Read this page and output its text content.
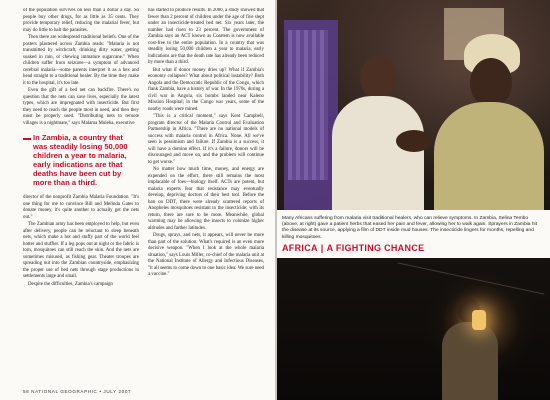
of the population survives on less than a dollar a day. So people buy other drugs, for as little as 35 cents. They provide temporary relief, reducing the malarial fever, but may do little to halt the parasites.

Then there are widespread traditional beliefs. One of the posters plastered across Zambia reads: "Malaria is not transmitted by witchcraft, drinking dirty water, getting soaked in rain, or chewing immature sugarcane." When children suffer from seizures—a symptom of advanced cerebral malaria—some parents interpret it as a hex and head straight to a traditional healer. By the time they make it to the hospital, it's too late.

Even the gift of a bed net can backfire. There's no question that the nets can save lives, especially the latest types, which are impregnated with insecticide. But first they need to reach the people most in need, and then they must be properly used. "Distributing nets to remote villages is a nightmare," says Malama Muleba, executive

In Zambia, a country that was steadily losing 50,000 children a year to malaria, early indications are that deaths have been cut by more than a third.

director of the nonprofit Zambia Malaria Foundation. "It's one thing for me to convince Bill and Melinda Gates to donate money, it's quite another to actually get the nets out."

The Zambian army has been employed to help, but even after delivery, people can be reluctant to sleep beneath nets, which make a hot and stuffy part of the world feel hotter and stuffier. If a leg pops out at night or the fabric is torn, mosquitoes can still reach the skin. And the nets are sometimes misused, as fishing gear. Theater troupes are spreading out into the Zambian countryside, emphasizing the proper use of bed nets through stage productions in settlements large and small.

Despite the difficulties, Zambia's campaign

has started to produce results. In 2000, a study showed that fewer than 2 percent of children under the age of five slept under an insecticide-treated bed net. Six years later, the number had risen to 23 percent. The government of Zambia says an ACT known as Coartem is now available cost-free to the entire population. In a country that was steadily losing 50,000 children a year to malaria, early indications are that the death rate has already been reduced by more than a third.

But what if donor money dries up? What if Zambia's economy collapses? What about political instability? Both Angola and the Democratic Republic of the Congo, which flank Zambia, have a history of war. In the 1970s, during a civil war in Angola, six bombs landed near Kaleno Mission Hospital; in the Congo war years, some of the nearby roads were mined.

"This is a critical moment," says Kent Campbell, program director of the Malaria Control and Evaluation Partnership in Africa. "There are no national models of success with malaria control in Africa. None. All we've seen is pessimism and failure. If Zambia is a success, it will have a domino effect. If it's a failure, donors will be discouraged and move on, and the problem will continue to get worse."

No matter how much time, money, and energy are expended on the effort, there still remains the most implacable of foes—biology itself. ACTs are potent, but malaria experts fear that resistance may eventually develop, depriving doctors of their best tool. Before the ban on DDT, there were already scattered reports of Anopheles mosquitoes resistant to the insecticide; with its return, there are sure to be more. Meanwhile, global warming may be allowing the insects to colonize higher altitudes and farther latitudes.

Drugs, sprays, and nets, it appears, will never be more than part of the solution. What's required is an even more decisive weapon. "When I look at the whole malaria situation," says Louis Miller, co-chief of the malaria unit at the National Institute of Allergy and Infectious Diseases, "it all seems to come down to one basic idea: We sure need a vaccine."

58 NATIONAL GEOGRAPHIC • JULY 2007
Many Africans suffering from malaria visit traditional healers, who can relieve symptoms. In Zambia, Selina Tembo (above, at right) gave a patient herbs that eased her pain and fever, allowing her to walk again. Sprayers in Zambia hit the disease at its source, applying a film of DDT inside mud houses. The insecticide lingers for months, repelling and killing mosquitoes.
AFRICA | A FIGHTING CHANCE
